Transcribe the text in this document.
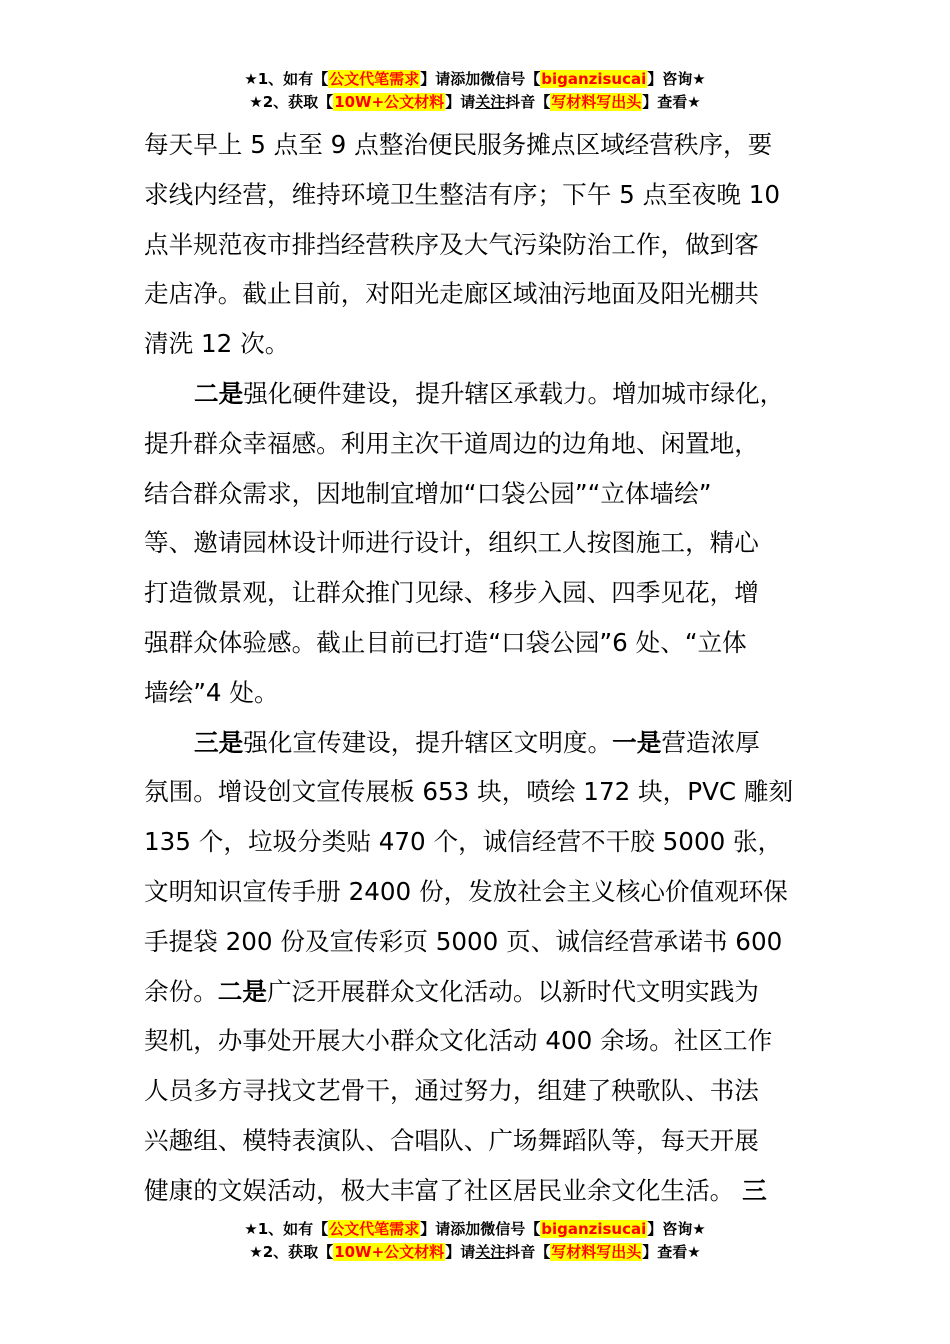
★1、如有【公文代笔需求】请添加微信号【biganzisucai】咨询★
★2、获取【10W+公文材料】请关注抖音【写材料写出头】查看★
每天早上 5 点至 9 点整治便民服务摊点区域经营秩序，要
求线内经营，维持环境卫生整洁有序；下午 5 点至夜晚 10
点半规范夜市排挡经营秩序及大气污染防治工作，做到客
走店净。截止目前，对阳光走廊区域油污地面及阳光棚共
清洗 12 次。
二是强化硬件建设，提升辖区承载力。增加城市绿化，
提升群众幸福感。利用主次干道周边的边角地、闲置地，
结合群众需求，因地制宜增加“口袋公园”“立体墙绘”
等、邀请园林设计师进行设计，组织工人按图施工，精心
打造微景观，让群众推门见绿、移步入园、四季见花，增
强群众体验感。截止目前已打造“口袋公园”6 处、“立体
墙绘”4 处。
三是强化宣传建设，提升辖区文明度。一是营造浓厚
氛围。增设创文宣传展板 653 块，喷绘 172 块，PVC 雕刻
135 个，垃圾分类贴 470 个，诚信经营不干胶 5000 张，
文明知识宣传手册 2400 份，发放社会主义核心价值观环保
手提袋 200 份及宣传彩页 5000 页、诚信经营承诺书 600
余份。二是广泛开展群众文化活动。以新时代文明实践为
契机，办事处开展大小群众文化活动 400 余场。社区工作
人员多方寻找文艺骨干，通过努力，组建了秧歌队、书法
兴趣组、模特表演队、合唱队、广场舞蹈队等，每天开展
健康的文娱活动，极大丰富了社区居民业余文化生活。 三
★1、如有【公文代笔需求】请添加微信号【biganzisucai】咨询★
★2、获取【10W+公文材料】请关注抖音【写材料写出头】查看★
